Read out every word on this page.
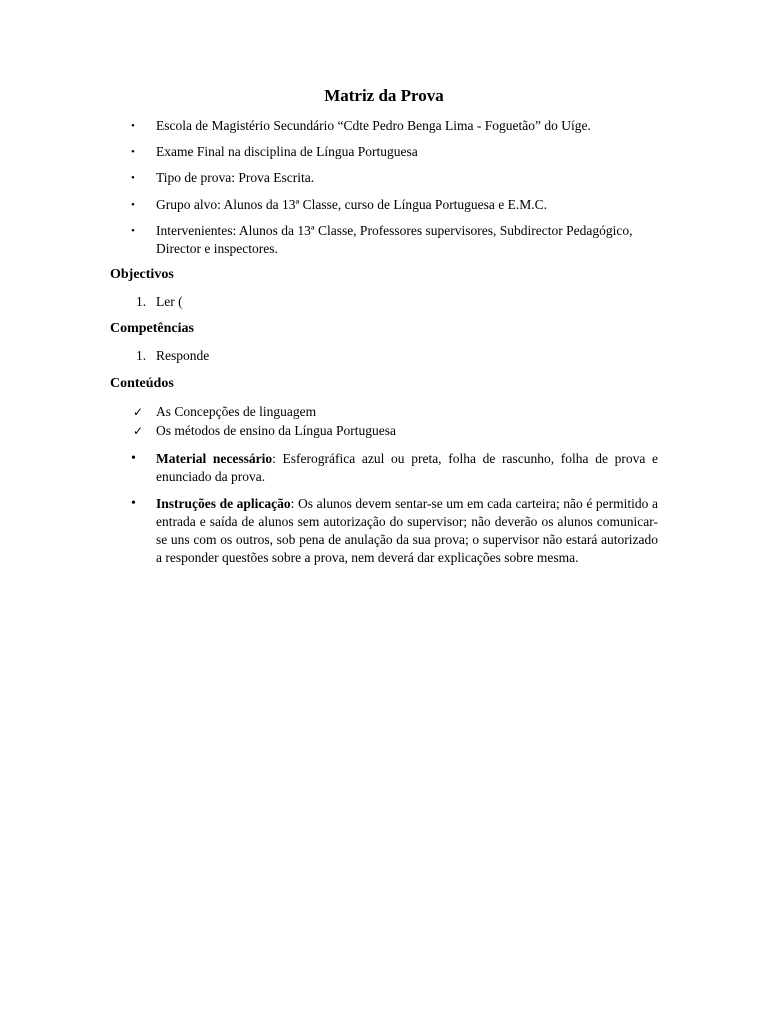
Matriz da Prova
•	Escola de Magistério Secundário “Cdte Pedro Benga Lima - Foguetão” do Uíge.
•	Exame Final na disciplina de Língua Portuguesa
•	Tipo de prova: Prova Escrita.
•	Grupo alvo: Alunos da 13ª Classe, curso de Língua Portuguesa e E.M.C.
•	Intervenientes: Alunos da 13ª Classe, Professores supervisores, Subdirector Pedagógico, Director e inspectores.
Objectivos
1. Ler (
Competências
1. Responde
Conteúdos
✓ As Concepções de linguagem
✓ Os métodos de ensino da Língua Portuguesa
•	Material necessário: Esferográfica azul ou preta, folha de rascunho, folha de prova e enunciado da prova.
•	Instruções de aplicação: Os alunos devem sentar-se um em cada carteira; não é permitido a entrada e saída de alunos sem autorização do supervisor; não deverão os alunos comunicar-se uns com os outros, sob pena de anulação da sua prova; o supervisor não estará autorizado a responder questões sobre a prova, nem deverá dar explicações sobre mesma.
